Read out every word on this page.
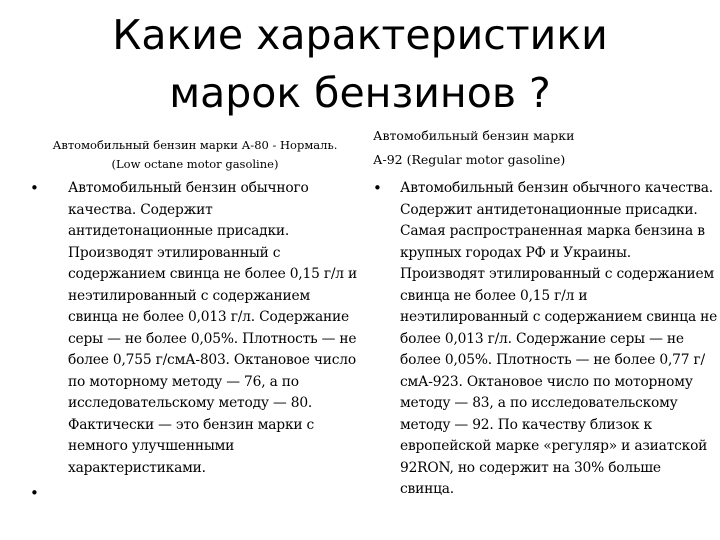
Какие характеристики марок бензинов ?
Автомобильный бензин марки А-80 - Нормаль.
(Low octane motor gasoline)
Автомобильный бензин марки
А-92 (Regular motor gasoline)
• Автомобильный бензин обычного качества. Содержит антидетонационные присадки. Производят этилированный с содержанием свинца не более 0,15 г/л и неэтилированный с содержанием свинца не более 0,013 г/л. Содержание серы — не более 0,05%. Плотность — не более 0,755 г/смА-803. Октановое число по моторному методу — 76, а по исследовательскому методу — 80. Фактически — это бензин марки с немного улучшенными характеристиками.
•
• Автомобильный бензин обычного качества. Содержит антидетонационные присадки. Самая распространенная марка бензина в крупных городах РФ и Украины. Производят этилированный с содержанием свинца не более 0,15 г/л и неэтилированный с содержанием свинца не более 0,013 г/л. Содержание серы — не более 0,05%. Плотность — не более 0,77 г/смА-923. Октановое число по моторному методу — 83, а по исследовательскому методу — 92. По качеству близок к европейской марке «регуляр» и азиатской 92RON, но содержит на 30% больше свинца.
